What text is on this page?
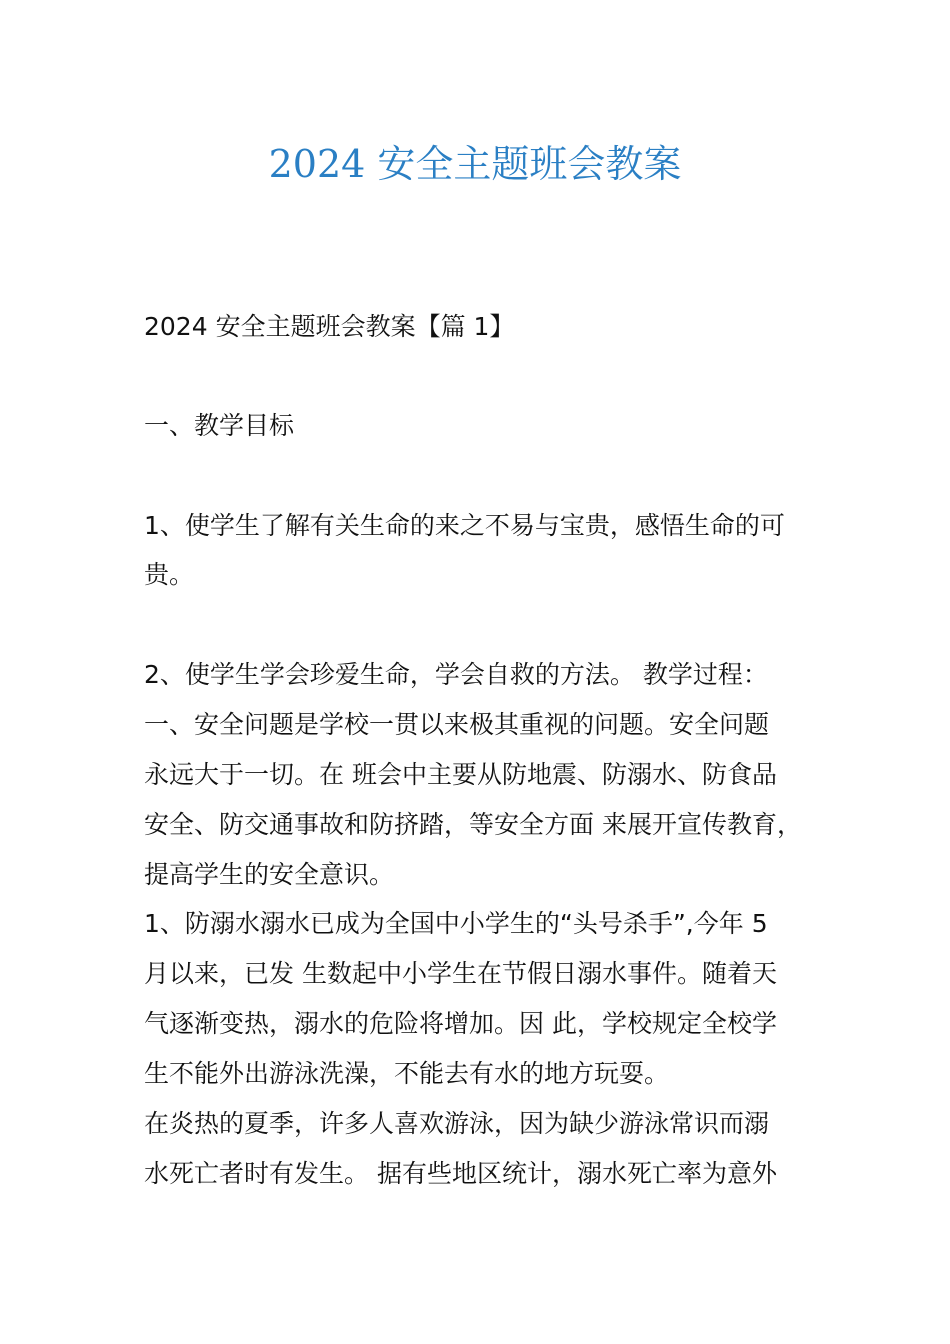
2024 安全主题班会教案

2024 安全主题班会教案【篇 1】

一、教学目标

1、使学生了解有关生命的来之不易与宝贵，感悟生命的可

贵。

2、使学生学会珍爱生命，学会自救的方法。 教学过程：

一、安全问题是学校一贯以来极其重视的问题。安全问题

永远大于一切。在 班会中主要从防地震、防溺水、防食品

安全、防交通事故和防挤踏，等安全方面 来展开宣传教育，

提高学生的安全意识。

1、防溺水溺水已成为全国中小学生的“头号杀手”,今年 5

月以来，已发 生数起中小学生在节假日溺水事件。随着天

气逐渐变热，溺水的危险将增加。因 此，学校规定全校学

生不能外出游泳洗澡，不能去有水的地方玩耍。

在炎热的夏季，许多人喜欢游泳，因为缺少游泳常识而溺

水死亡者时有发生。 据有些地区统计，溺水死亡率为意外
